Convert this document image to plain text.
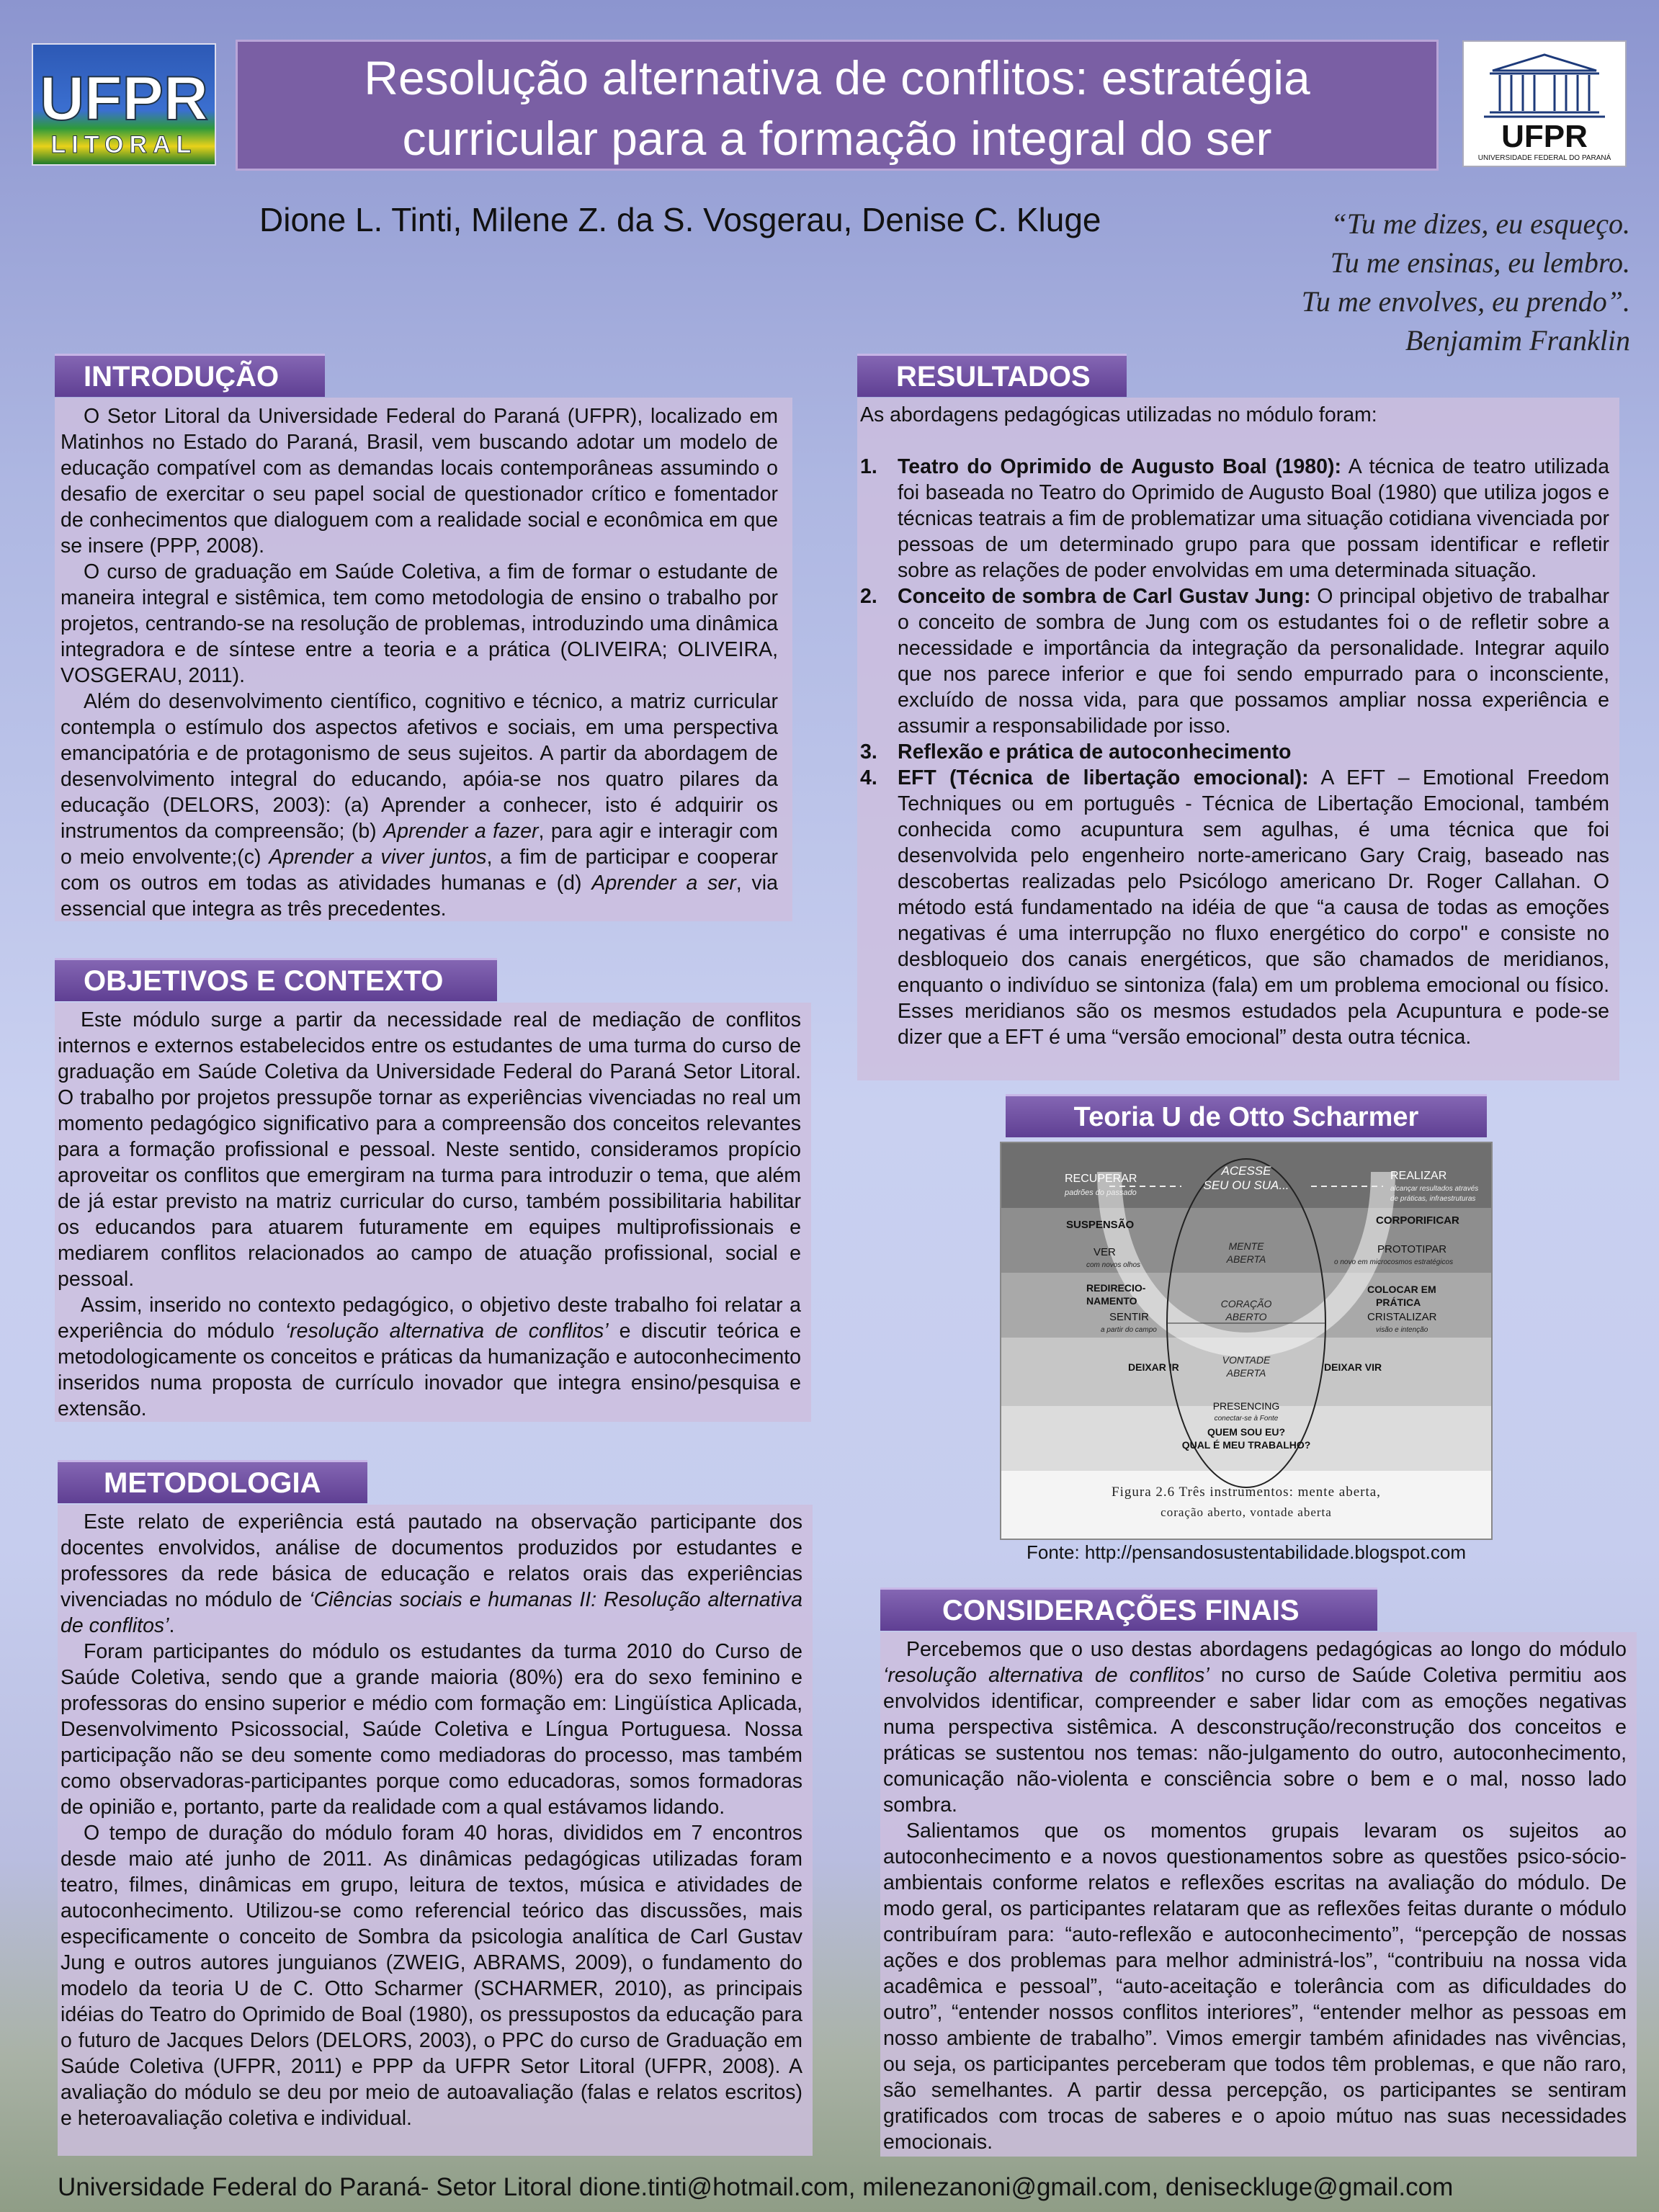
UFPR
LITORAL
Resolução alternativa de conflitos: estratégia
curricular para a formação integral do ser	UFPR
UNIVERSIDADE FEDERAL DO PARANÁ
Dione L. Tinti, Milene Z. da S. Vosgerau, Denise C. Kluge	“Tu me dizes, eu esqueço.
Tu me ensinas, eu lembro.
Tu me envolves, eu prendo”.
Benjamim Franklin
INTRODUÇÃO

O Setor Litoral da Universidade Federal do Paraná (UFPR), localizado em Matinhos no Estado do Paraná, Brasil, vem buscando adotar um modelo de educação compatível com as demandas locais contemporâneas assumindo o desafio de exercitar o seu papel social de questionador crítico e fomentador de conhecimentos que dialoguem com a realidade social e econômica em que se insere (PPP, 2008).

O curso de graduação em Saúde Coletiva, a fim de formar o estudante de maneira integral e sistêmica, tem como metodologia de ensino o trabalho por projetos, centrando-se na resolução de problemas, introduzindo uma dinâmica integradora e de síntese entre a teoria e a prática (OLIVEIRA; OLIVEIRA, VOSGERAU, 2011).

Além do desenvolvimento científico, cognitivo e técnico, a matriz curricular contempla o estímulo dos aspectos afetivos e sociais, em uma perspectiva emancipatória e de protagonismo de seus sujeitos. A partir da abordagem de desenvolvimento integral do educando, apóia-se nos quatro pilares da educação (DELORS, 2003): (a) Aprender a conhecer, isto é adquirir os instrumentos da compreensão; (b) Aprender a fazer, para agir e interagir com o meio envolvente;(c) Aprender a viver juntos, a fim de participar e cooperar com os outros em todas as atividades humanas e (d) Aprender a ser, via essencial que integra as três precedentes.

OBJETIVOS E CONTEXTO

Este módulo surge a partir da necessidade real de mediação de conflitos internos e externos estabelecidos entre os estudantes de uma turma do curso de graduação em Saúde Coletiva da Universidade Federal do Paraná Setor Litoral. O trabalho por projetos pressupõe tornar as experiências vivenciadas no real um momento pedagógico significativo para a compreensão dos conceitos relevantes para a formação profissional e pessoal. Neste sentido, consideramos propício aproveitar os conflitos que emergiram na turma para introduzir o tema, que além de já estar previsto na matriz curricular do curso, também possibilitaria habilitar os educandos para atuarem futuramente em equipes multiprofissionais e mediarem conflitos relacionados ao campo de atuação profissional, social e pessoal.

Assim, inserido no contexto pedagógico, o objetivo deste trabalho foi relatar a experiência do módulo ‘resolução alternativa de conflitos’ e discutir teórica e metodologicamente os conceitos e práticas da humanização e autoconhecimento inseridos numa proposta de currículo inovador que integra ensino/pesquisa e extensão.

METODOLOGIA

Este relato de experiência está pautado na observação participante dos docentes envolvidos, análise de documentos produzidos por estudantes e professores da rede básica de educação e relatos orais das experiências vivenciadas no módulo de ‘Ciências sociais e humanas II: Resolução alternativa de conflitos’.

Foram participantes do módulo os estudantes da turma 2010 do Curso de Saúde Coletiva, sendo que a grande maioria (80%) era do sexo feminino e professoras do ensino superior e médio com formação em: Lingüística Aplicada, Desenvolvimento Psicossocial, Saúde Coletiva e Língua Portuguesa. Nossa participação não se deu somente como mediadoras do processo, mas também como observadoras-participantes porque como educadoras, somos formadoras de opinião e, portanto, parte da realidade com a qual estávamos lidando.

O tempo de duração do módulo foram 40 horas, divididos em 7 encontros desde maio até junho de 2011. As dinâmicas pedagógicas utilizadas foram teatro, filmes, dinâmicas em grupo, leitura de textos, música e atividades de autoconhecimento. Utilizou-se como referencial teórico das discussões, mais especificamente o conceito de Sombra da psicologia analítica de Carl Gustav Jung e outros autores junguianos (ZWEIG, ABRAMS, 2009), o fundamento do modelo da teoria U de C. Otto Scharmer (SCHARMER, 2010), as principais idéias do Teatro do Oprimido de Boal (1980), os pressupostos da educação para o futuro de Jacques Delors (DELORS, 2003), o PPC do curso de Graduação em Saúde Coletiva (UFPR, 2011) e PPP da UFPR Setor Litoral (UFPR, 2008). A avaliação do módulo se deu por meio de autoavaliação (falas e relatos escritos) e heteroavaliação coletiva e individual.

RESULTADOS

As abordagens pedagógicas utilizadas no módulo foram:

1. Teatro do Oprimido de Augusto Boal (1980): A técnica de teatro utilizada foi baseada no Teatro do Oprimido de Augusto Boal (1980) que utiliza jogos e técnicas teatrais a fim de problematizar uma situação cotidiana vivenciada por pessoas de um determinado grupo para que possam identificar e refletir sobre as relações de poder envolvidas em uma determinada situação.
2. Conceito de sombra de Carl Gustav Jung: O principal objetivo de trabalhar o conceito de sombra de Jung com os estudantes foi o de refletir sobre a necessidade e importância da integração da personalidade. Integrar aquilo que nos parece inferior e que foi sendo empurrado para o inconsciente, excluído de nossa vida, para que possamos ampliar nossa experiência e assumir a responsabilidade por isso.
3. Reflexão e prática de autoconhecimento
4. EFT (Técnica de libertação emocional): A EFT – Emotional Freedom Techniques ou em português - Técnica de Libertação Emocional, também conhecida como acupuntura sem agulhas, é uma técnica que foi desenvolvida pelo engenheiro norte-americano Gary Craig, baseado nas descobertas realizadas pelo Psicólogo americano Dr. Roger Callahan. O método está fundamentado na idéia de que “a causa de todas as emoções negativas é uma interrupção no fluxo energético do corpo" e consiste no desbloqueio dos canais energéticos, que são chamados de meridianos, enquanto o indivíduo se sintoniza (fala) em um problema emocional ou físico. Esses meridianos são os mesmos estudados pela Acupuntura e pode-se dizer que a EFT é uma “versão emocional” desta outra técnica.
Teoria U de Otto Scharmer
RECUPERAR
padrões do passado
ACESSE
SEU OU SUA...
REALIZAR
alcançar resultados através
de práticas, infraestruturas
SUSPENSÃO	CORPORIFICAR
VER
com novos olhos
MENTE
ABERTA
PROTOTIPAR
o novo em microcosmos estratégicos
REDIRECIO-
NAMENTO
SENTIR
a partir do campo
CORAÇÃO
ABERTO
COLOCAR EM
PRÁTICA
CRISTALIZAR
visão e intenção
DEIXAR IR
VONTADE
ABERTA	DEIXAR VIR
PRESENCING
conectar-se à Fonte
QUEM SOU EU?
QUAL É MEU TRABALHO?
Figura 2.6 Três instrumentos: mente aberta,
coração aberto, vontade aberta
Fonte: http://pensandosustentabilidade.blogspot.com
CONSIDERAÇÕES FINAIS

Percebemos que o uso destas abordagens pedagógicas ao longo do módulo ‘resolução alternativa de conflitos’ no curso de Saúde Coletiva permitiu aos envolvidos identificar, compreender e saber lidar com as emoções negativas numa perspectiva sistêmica. A desconstrução/reconstrução dos conceitos e práticas se sustentou nos temas: não-julgamento do outro, autoconhecimento, comunicação não-violenta e consciência sobre o bem e o mal, nosso lado sombra.

Salientamos que os momentos grupais levaram os sujeitos ao autoconhecimento e a novos questionamentos sobre as questões psico-sócio-ambientais conforme relatos e reflexões escritas na avaliação do módulo. De modo geral, os participantes relataram que as reflexões feitas durante o módulo contribuíram para: “auto-reflexão e autoconhecimento”, “percepção de nossas ações e dos problemas para melhor administrá-los”, “contribuiu na nossa vida acadêmica e pessoal”, “auto-aceitação e tolerância com as dificuldades do outro”, “entender nossos conflitos interiores”, “entender melhor as pessoas em nosso ambiente de trabalho”. Vimos emergir também afinidades nas vivências, ou seja, os participantes perceberam que todos têm problemas, e que não raro, são semelhantes. A partir dessa percepção, os participantes se sentiram gratificados com trocas de saberes e o apoio mútuo nas suas necessidades emocionais.

Universidade Federal do Paraná- Setor Litoral dione.tinti@hotmail.com, milenezanoni@gmail.com, deniseckluge@gmail.com
